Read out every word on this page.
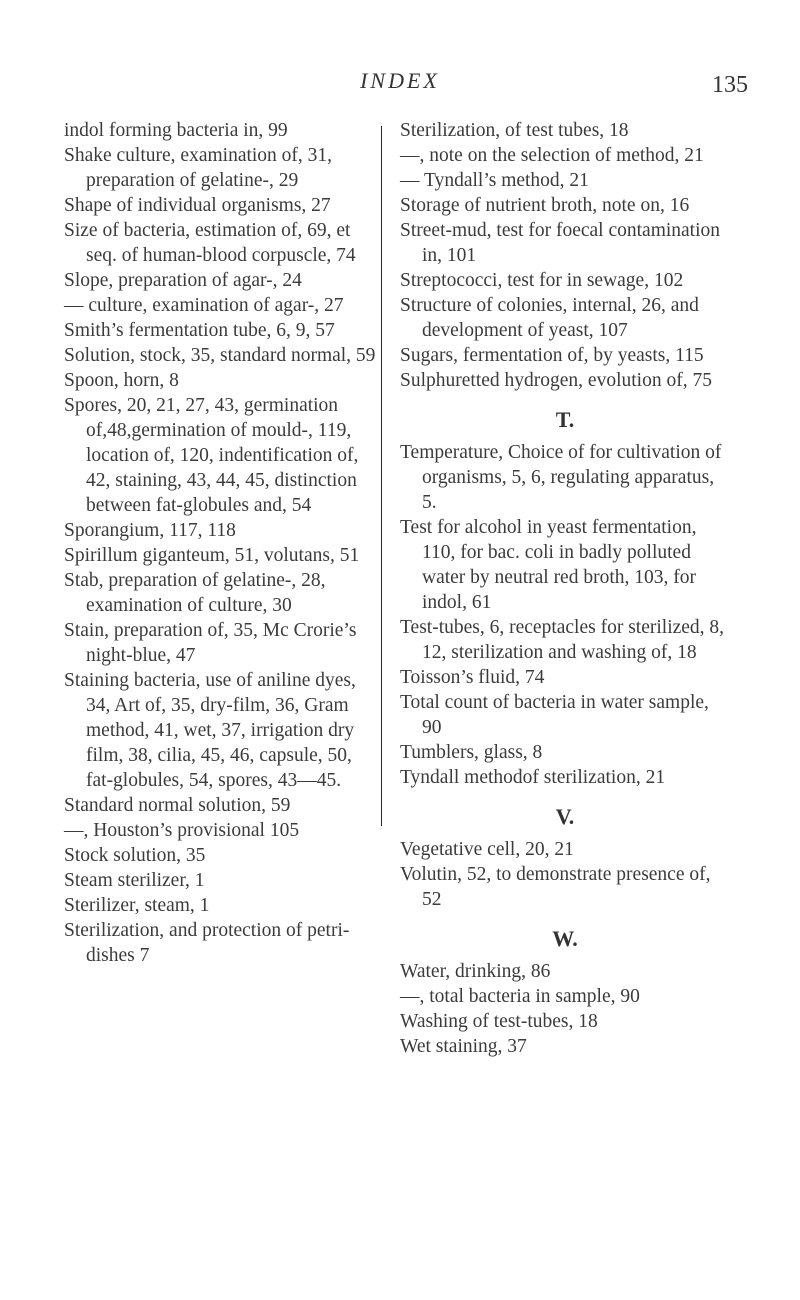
INDEX	135

indol forming bacteria in, 99

Shake culture, examination of, 31, preparation of gelatine-, 29

Shape of individual organisms, 27

Size of bacteria, estimation of, 69, et seq. of human-blood corpuscle, 74

Slope, preparation of agar-, 24

— culture, examination of agar-, 27

Smith’s fermentation tube, 6, 9, 57

Solution, stock, 35, standard normal, 59

Spoon, horn, 8

Spores, 20, 21, 27, 43, germination of,48,germination of mould-, 119, location of, 120, indentification of, 42, staining, 43, 44, 45, distinction between fat-globules and, 54

Sporangium, 117, 118

Spirillum giganteum, 51, volutans, 51

Stab, preparation of gelatine-, 28, examination of culture, 30

Stain, preparation of, 35, Mc Crorie’s night-blue, 47

Staining bacteria, use of aniline dyes, 34, Art of, 35, dry-film, 36, Gram method, 41, wet, 37, irrigation dry film, 38, cilia, 45, 46, capsule, 50, fat-globules, 54, spores, 43—45.

Standard normal solution, 59

—, Houston’s provisional 105

Stock solution, 35

Steam sterilizer, 1

Sterilizer, steam, 1

Sterilization, and protection of petri-dishes 7

Sterilization, of test tubes, 18

—, note on the selection of method, 21

— Tyndall’s method, 21

Storage of nutrient broth, note on, 16

Street-mud, test for foecal contamination in, 101

Streptococci, test for in sewage, 102

Structure of colonies, internal, 26, and development of yeast, 107

Sugars, fermentation of, by yeasts, 115

Sulphuretted hydrogen, evolution of, 75

T.

Temperature, Choice of for cultivation of organisms, 5, 6, regulating apparatus, 5.

Test for alcohol in yeast fermentation, 110, for bac. coli in badly polluted water by neutral red broth, 103, for indol, 61

Test-tubes, 6, receptacles for sterilized, 8, 12, sterilization and washing of, 18

Toisson’s fluid, 74

Total count of bacteria in water sample, 90

Tumblers, glass, 8

Tyndall methodof sterilization, 21

V.

Vegetative cell, 20, 21

Volutin, 52, to demonstrate presence of, 52

W.

Water, drinking, 86

—, total bacteria in sample, 90

Washing of test-tubes, 18

Wet staining, 37
